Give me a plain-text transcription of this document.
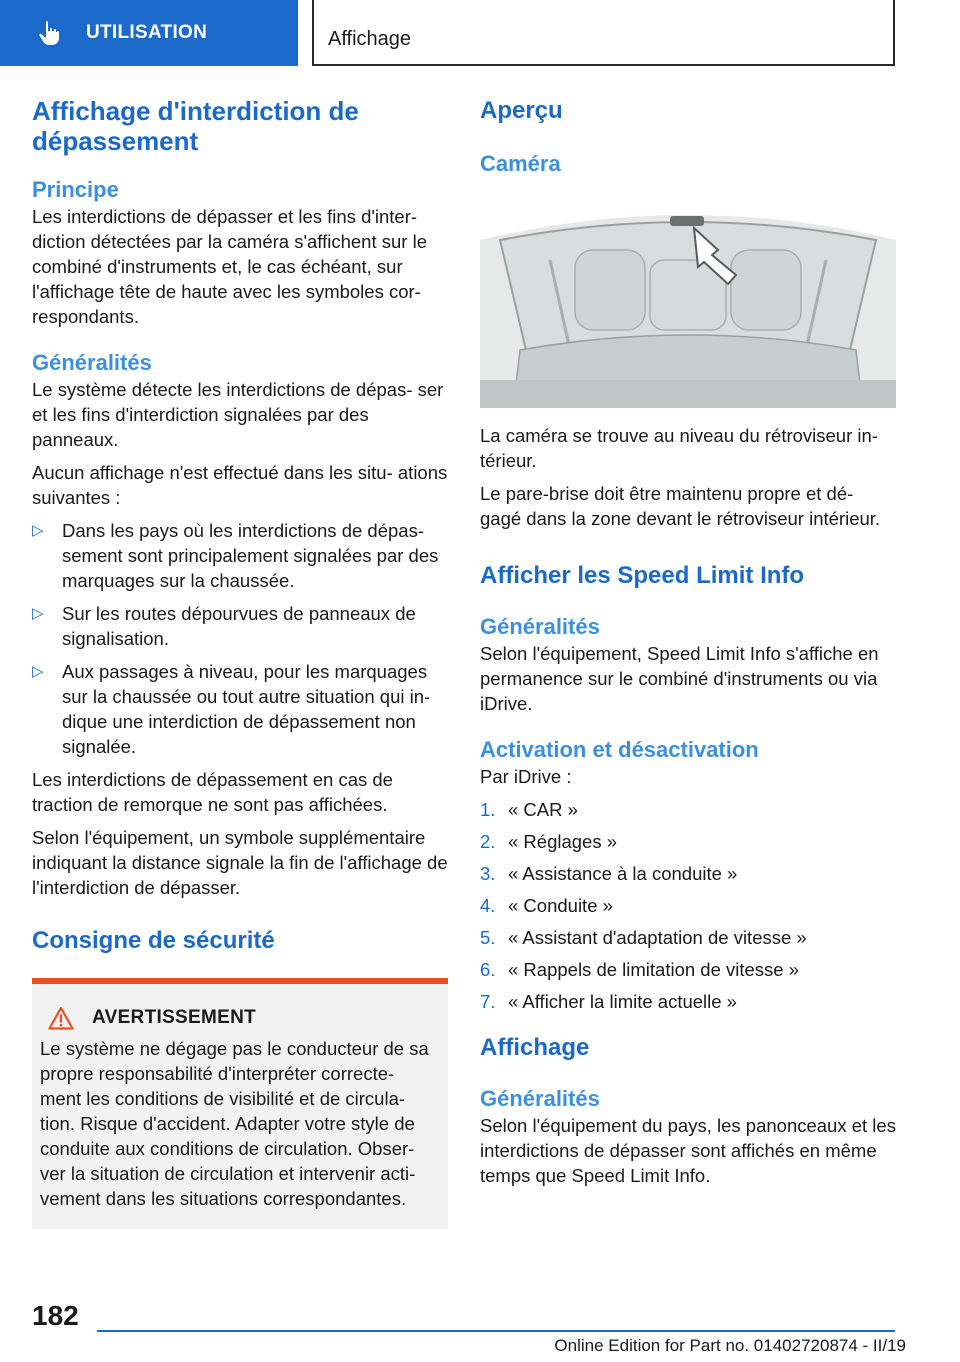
UTILISATION	Affichage
Affichage d'interdiction de dépassement
Principe

Les interdictions de dépasser et les fins d'inter- diction détectées par la caméra s'affichent sur le combiné d'instruments et, le cas échéant, sur l'affichage tête de haute avec les symboles cor- respondants.

Généralités

Le système détecte les interdictions de dépas- ser et les fins d'interdiction signalées par des panneaux.

Aucun affichage n'est effectué dans les situ- ations suivantes :

▷ Dans les pays où les interdictions de dépas- sement sont principalement signalées par des marquages sur la chaussée.
▷ Sur les routes dépourvues de panneaux de signalisation.
▷ Aux passages à niveau, pour les marquages sur la chaussée ou tout autre situation qui in- dique une interdiction de dépassement non signalée.

Les interdictions de dépassement en cas de traction de remorque ne sont pas affichées.

Selon l'équipement, un symbole supplémentaire indiquant la distance signale la fin de l'affichage de l'interdiction de dépasser.

Consigne de sécurité
AVERTISSEMENT

Le système ne dégage pas le conducteur de sa propre responsabilité d'interpréter correcte- ment les conditions de visibilité et de circula- tion. Risque d'accident. Adapter votre style de conduite aux conditions de circulation. Obser- ver la situation de circulation et intervenir acti- vement dans les situations correspondantes.

Aperçu
Caméra

La caméra se trouve au niveau du rétroviseur in- térieur.

Le pare-brise doit être maintenu propre et dé- gagé dans la zone devant le rétroviseur intérieur.

Afficher les Speed Limit Info
Généralités

Selon l'équipement, Speed Limit Info s'affiche en permanence sur le combiné d'instruments ou via iDrive.

Activation et désactivation

Par iDrive :

1. « CAR »
2. « Réglages »
3. « Assistance à la conduite »
4. « Conduite »
5. « Assistant d'adaptation de vitesse »
6. « Rappels de limitation de vitesse »
7. « Afficher la limite actuelle »
Affichage
Généralités

Selon l'équipement du pays, les panonceaux et les interdictions de dépasser sont affichés en même temps que Speed Limit Info.

182
Online Edition for Part no. 01402720874 - II/19
